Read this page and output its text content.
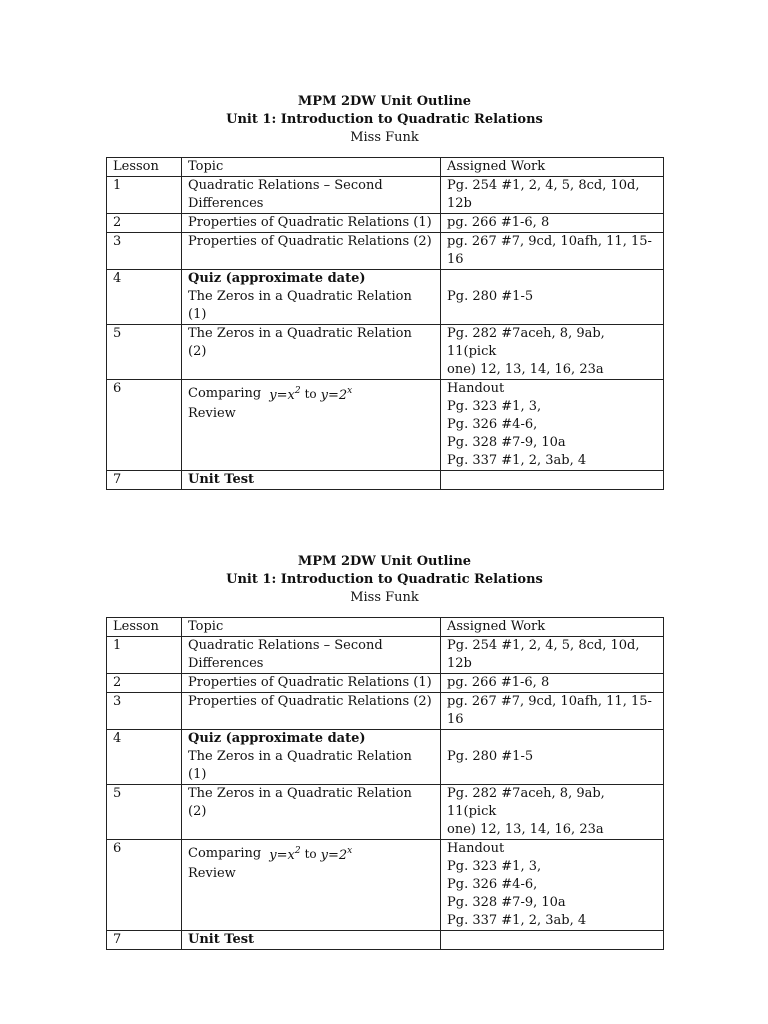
MPM 2DW Unit Outline
Unit 1: Introduction to Quadratic Relations
Miss Funk
Lesson	Topic	Assigned Work
1	Quadratic Relations – Second
Differences	Pg. 254 #1, 2, 4, 5, 8cd, 10d, 12b
2	Properties of Quadratic Relations (1)	pg. 266 #1-6, 8
3	Properties of Quadratic Relations (2)	pg. 267 #7, 9cd, 10afh, 11, 15-
16

4	Quiz (approximate date)
The Zeros in a Quadratic Relation (1)	Pg. 280 #1-5

5	The Zeros in a Quadratic Relation (2)	Pg. 282 #7aceh, 8, 9ab, 11(pick
one) 12, 13, 14, 16, 23a

6	Comparing $y=x^2$ to $y=2^x$
Review	Handout
Pg. 323 #1, 3,
Pg. 326 #4-6,
Pg. 328 #7-9, 10a
Pg. 337 #1, 2, 3ab, 4

7	Unit Test	
MPM 2DW Unit Outline
Unit 1: Introduction to Quadratic Relations
Miss Funk
Lesson	Topic	Assigned Work
1	Quadratic Relations – Second
Differences	Pg. 254 #1, 2, 4, 5, 8cd, 10d, 12b
2	Properties of Quadratic Relations (1)	pg. 266 #1-6, 8
3	Properties of Quadratic Relations (2)	pg. 267 #7, 9cd, 10afh, 11, 15-
16

4	Quiz (approximate date)
The Zeros in a Quadratic Relation (1)	Pg. 280 #1-5

5	The Zeros in a Quadratic Relation (2)	Pg. 282 #7aceh, 8, 9ab, 11(pick
one) 12, 13, 14, 16, 23a

6	Comparing $y=x^2$ to $y=2^x$
Review	Handout
Pg. 323 #1, 3,
Pg. 326 #4-6,
Pg. 328 #7-9, 10a
Pg. 337 #1, 2, 3ab, 4

7	Unit Test	
